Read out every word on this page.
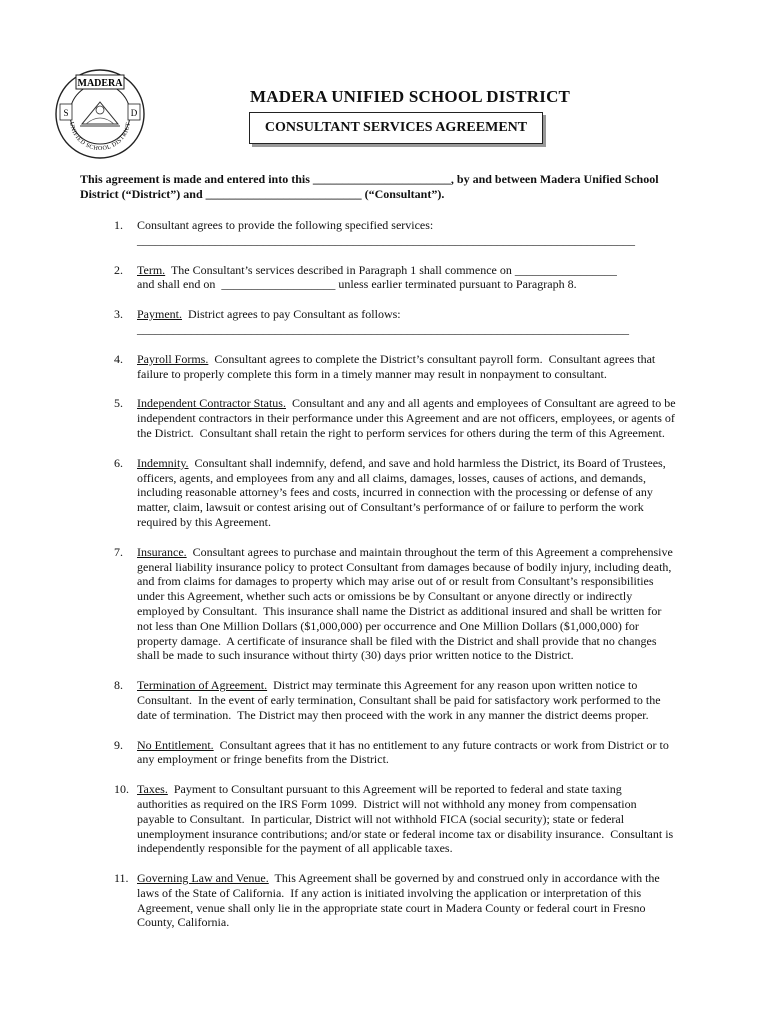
MADERA
S	D
UNIFIED SCHOOL DISTRICT
MADERA UNIFIED SCHOOL DISTRICT
CONSULTANT SERVICES AGREEMENT
This agreement is made and entered into this _______________________, by and between Madera Unified School
District (“District”) and __________________________ (“Consultant”).
1. Consultant agrees to provide the following specified services:
___________________________________________________________________________________
2. Term.  The Consultant’s services described in Paragraph 1 shall commence on _________________
and shall end on  ___________________ unless earlier terminated pursuant to Paragraph 8.
3. Payment.  District agrees to pay Consultant as follows:
__________________________________________________________________________________
4. Payroll Forms.  Consultant agrees to complete the District’s consultant payroll form.  Consultant agrees that
failure to properly complete this form in a timely manner may result in nonpayment to consultant.
5. Independent Contractor Status.  Consultant and any and all agents and employees of Consultant are agreed to be
independent contractors in their performance under this Agreement and are not officers, employees, or agents of
the District.  Consultant shall retain the right to perform services for others during the term of this Agreement.
6. Indemnity.  Consultant shall indemnify, defend, and save and hold harmless the District, its Board of Trustees,
officers, agents, and employees from any and all claims, damages, losses, causes of actions, and demands,
including reasonable attorney’s fees and costs, incurred in connection with the processing or defense of any
matter, claim, lawsuit or contest arising out of Consultant’s performance of or failure to perform the work
required by this Agreement.
7. Insurance.  Consultant agrees to purchase and maintain throughout the term of this Agreement a comprehensive
general liability insurance policy to protect Consultant from damages because of bodily injury, including death,
and from claims for damages to property which may arise out of or result from Consultant’s responsibilities
under this Agreement, whether such acts or omissions be by Consultant or anyone directly or indirectly
employed by Consultant.  This insurance shall name the District as additional insured and shall be written for
not less than One Million Dollars ($1,000,000) per occurrence and One Million Dollars ($1,000,000) for
property damage.  A certificate of insurance shall be filed with the District and shall provide that no changes
shall be made to such insurance without thirty (30) days prior written notice to the District.
8. Termination of Agreement.  District may terminate this Agreement for any reason upon written notice to
Consultant.  In the event of early termination, Consultant shall be paid for satisfactory work performed to the
date of termination.  The District may then proceed with the work in any manner the district deems proper.
9. No Entitlement.  Consultant agrees that it has no entitlement to any future contracts or work from District or to
any employment or fringe benefits from the District.
10. Taxes.  Payment to Consultant pursuant to this Agreement will be reported to federal and state taxing
authorities as required on the IRS Form 1099.  District will not withhold any money from compensation
payable to Consultant.  In particular, District will not withhold FICA (social security); state or federal
unemployment insurance contributions; and/or state or federal income tax or disability insurance.  Consultant is
independently responsible for the payment of all applicable taxes.
11. Governing Law and Venue.  This Agreement shall be governed by and construed only in accordance with the
laws of the State of California.  If any action is initiated involving the application or interpretation of this
Agreement, venue shall only lie in the appropriate state court in Madera County or federal court in Fresno
County, California.
